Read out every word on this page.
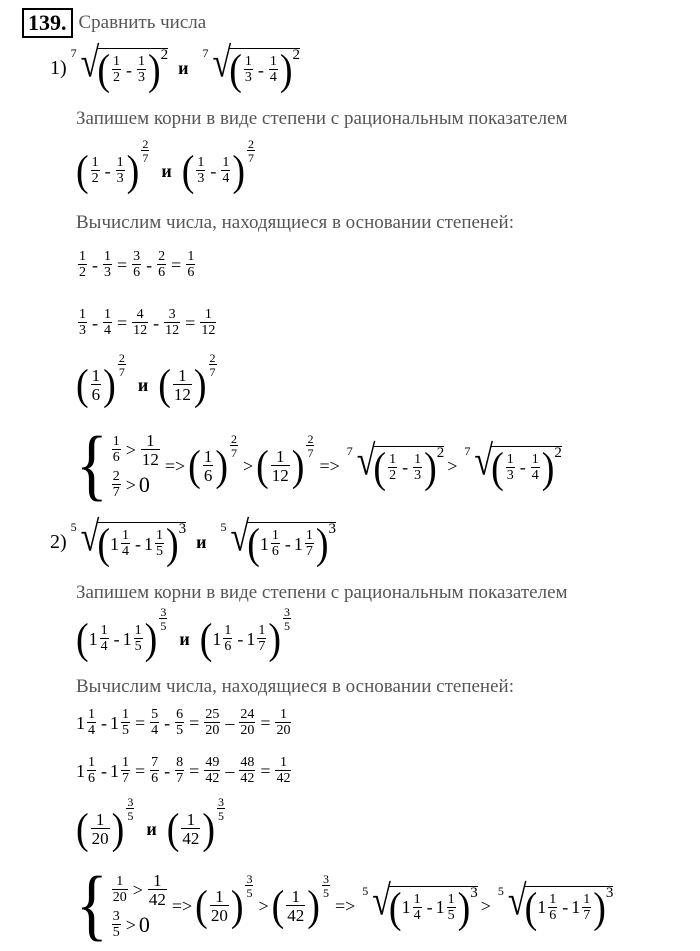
139. Сравнить числа
1)
7 √
( $\frac{1}{2} - \frac{1}{3}$ ) 2
и
7 √
( $\frac{1}{3} - \frac{1}{4}$ ) 2
Запишем корни в виде степени с рациональным показателем
( $\frac{1}{2} - \frac{1}{3}$ ) $\frac{2}{7}$
и ( $\frac{1}{3} - \frac{1}{4}$ ) $\frac{2}{7}$
Вычислим числа, находящиеся в основании степеней:
$\frac{1}{2} - \frac{1}{3} = \frac{3}{6} - \frac{2}{6} = \frac{1}{6}$
$\frac{1}{3} - \frac{1}{4} = \frac{4}{12} - \frac{3}{12} = \frac{1}{12}$
( $\frac{1}{6}$ ) $\frac{2}{7}$
и ( $\frac{1}{12}$ ) $\frac{2}{7}$
{ $\frac{1}{6} > \frac{1}{12}$
$\frac{2}{7} > 0$
=> ( $\frac{1}{6}$ ) $\frac{2}{7}$
> ( $\frac{1}{12}$ ) $\frac{2}{7}$
=>
7 √
( $\frac{1}{2} - \frac{1}{3}$ ) 2
>
7 √
( $\frac{1}{3} - \frac{1}{4}$ ) 2
2)
5 √
( $1 \frac{1}{4} - 1 \frac{1}{5}$ ) 3
и
5 √
( $1 \frac{1}{6} - 1 \frac{1}{7}$ ) 3
Запишем корни в виде степени с рациональным показателем
( $1 \frac{1}{4} - 1 \frac{1}{5}$ ) $\frac{3}{5}$
и ( $1 \frac{1}{6} - 1 \frac{1}{7}$ ) $\frac{3}{5}$
Вычислим числа, находящиеся в основании степеней:
$1 \frac{1}{4} - 1 \frac{1}{5} = \frac{5}{4} - \frac{6}{5} = \frac{25}{20} - \frac{24}{20} = \frac{1}{20}$
$1 \frac{1}{6} - 1 \frac{1}{7} = \frac{7}{6} - \frac{8}{7} = \frac{49}{42} - \frac{48}{42} = \frac{1}{42}$
( $\frac{1}{20}$ ) $\frac{3}{5}$
и ( $\frac{1}{42}$ ) $\frac{3}{5}$
{ $\frac{1}{20} > \frac{1}{42}$
$\frac{3}{5} > 0$
=> ( $\frac{1}{20}$ ) $\frac{3}{5}$
> ( $\frac{1}{42}$ ) $\frac{3}{5}$
=>
5 √
( $1 \frac{1}{4} - 1 \frac{1}{5}$ ) 3
>
5 √
( $1 \frac{1}{6} - 1 \frac{1}{7}$ ) 3
